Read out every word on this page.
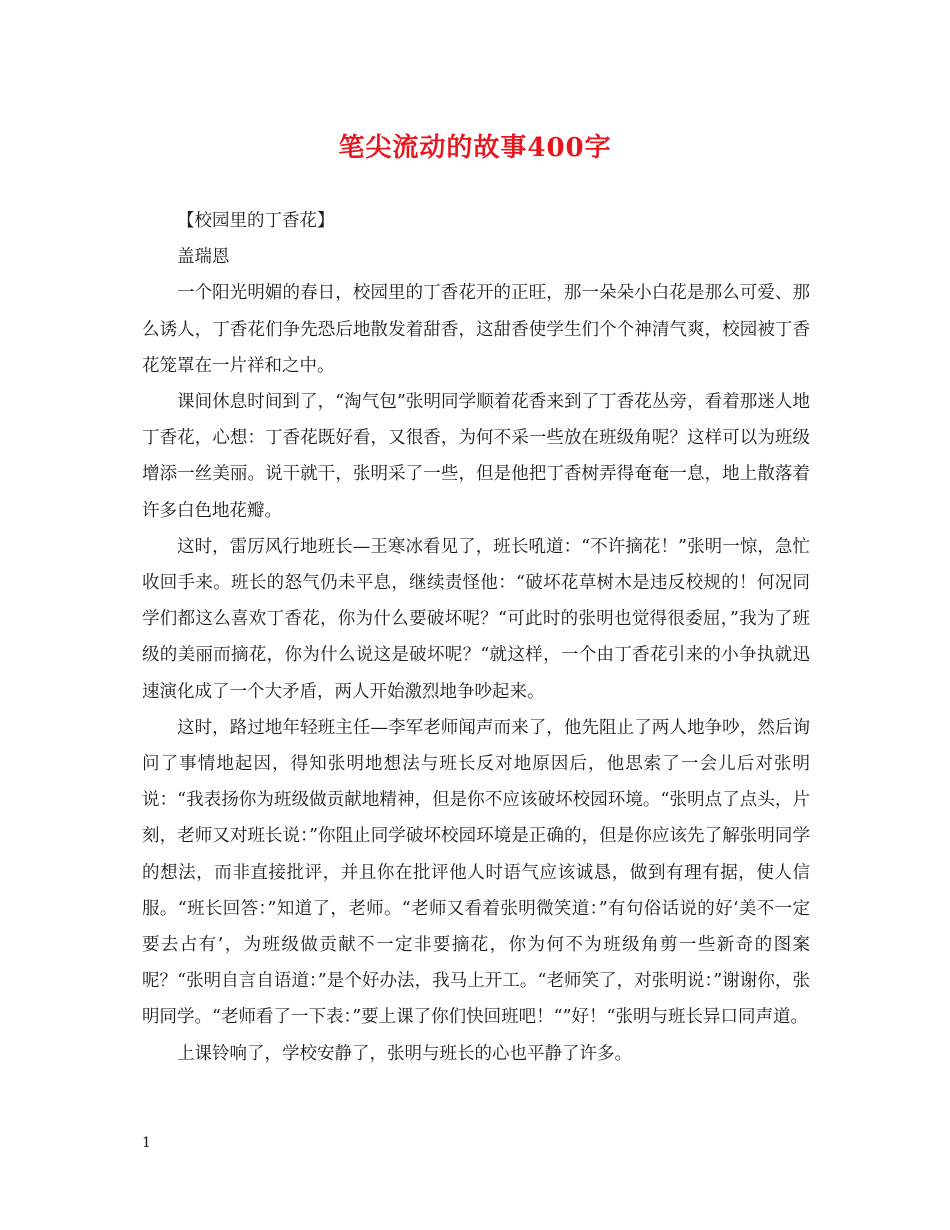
笔尖流动的故事400字

【校园里的丁香花】

盖瑞恩

一个阳光明媚的春日，校园里的丁香花开的正旺，那一朵朵小白花是那么可爱、那么诱人，丁香花们争先恐后地散发着甜香，这甜香使学生们个个神清气爽，校园被丁香花笼罩在一片祥和之中。

课间休息时间到了，“淘气包”张明同学顺着花香来到了丁香花丛旁，看着那迷人地丁香花，心想：丁香花既好看，又很香，为何不采一些放在班级角呢？这样可以为班级增添一丝美丽。说干就干，张明采了一些，但是他把丁香树弄得奄奄一息，地上散落着许多白色地花瓣。

这时，雷厉风行地班长—王寒冰看见了，班长吼道：“不许摘花！”张明一惊，急忙收回手来。班长的怒气仍未平息，继续责怪他：“破坏花草树木是违反校规的！何况同学们都这么喜欢丁香花，你为什么要破坏呢？“可此时的张明也觉得很委屈，”我为了班级的美丽而摘花，你为什么说这是破坏呢？“就这样，一个由丁香花引来的小争执就迅速演化成了一个大矛盾，两人开始激烈地争吵起来。

这时，路过地年轻班主任—李军老师闻声而来了，他先阻止了两人地争吵，然后询问了事情地起因，得知张明地想法与班长反对地原因后，他思索了一会儿后对张明说：“我表扬你为班级做贡献地精神，但是你不应该破坏校园环境。“张明点了点头，片刻，老师又对班长说：”你阻止同学破坏校园环境是正确的，但是你应该先了解张明同学的想法，而非直接批评，并且你在批评他人时语气应该诚恳，做到有理有据，使人信服。“班长回答：”知道了，老师。“老师又看着张明微笑道：”有句俗话说的好‘美不一定要去占有’，为班级做贡献不一定非要摘花，你为何不为班级角剪一些新奇的图案呢？“张明自言自语道：”是个好办法，我马上开工。“老师笑了，对张明说：”谢谢你，张明同学。“老师看了一下表：”要上课了你们快回班吧！“”好！“张明与班长异口同声道。

上课铃响了，学校安静了，张明与班长的心也平静了许多。

1
